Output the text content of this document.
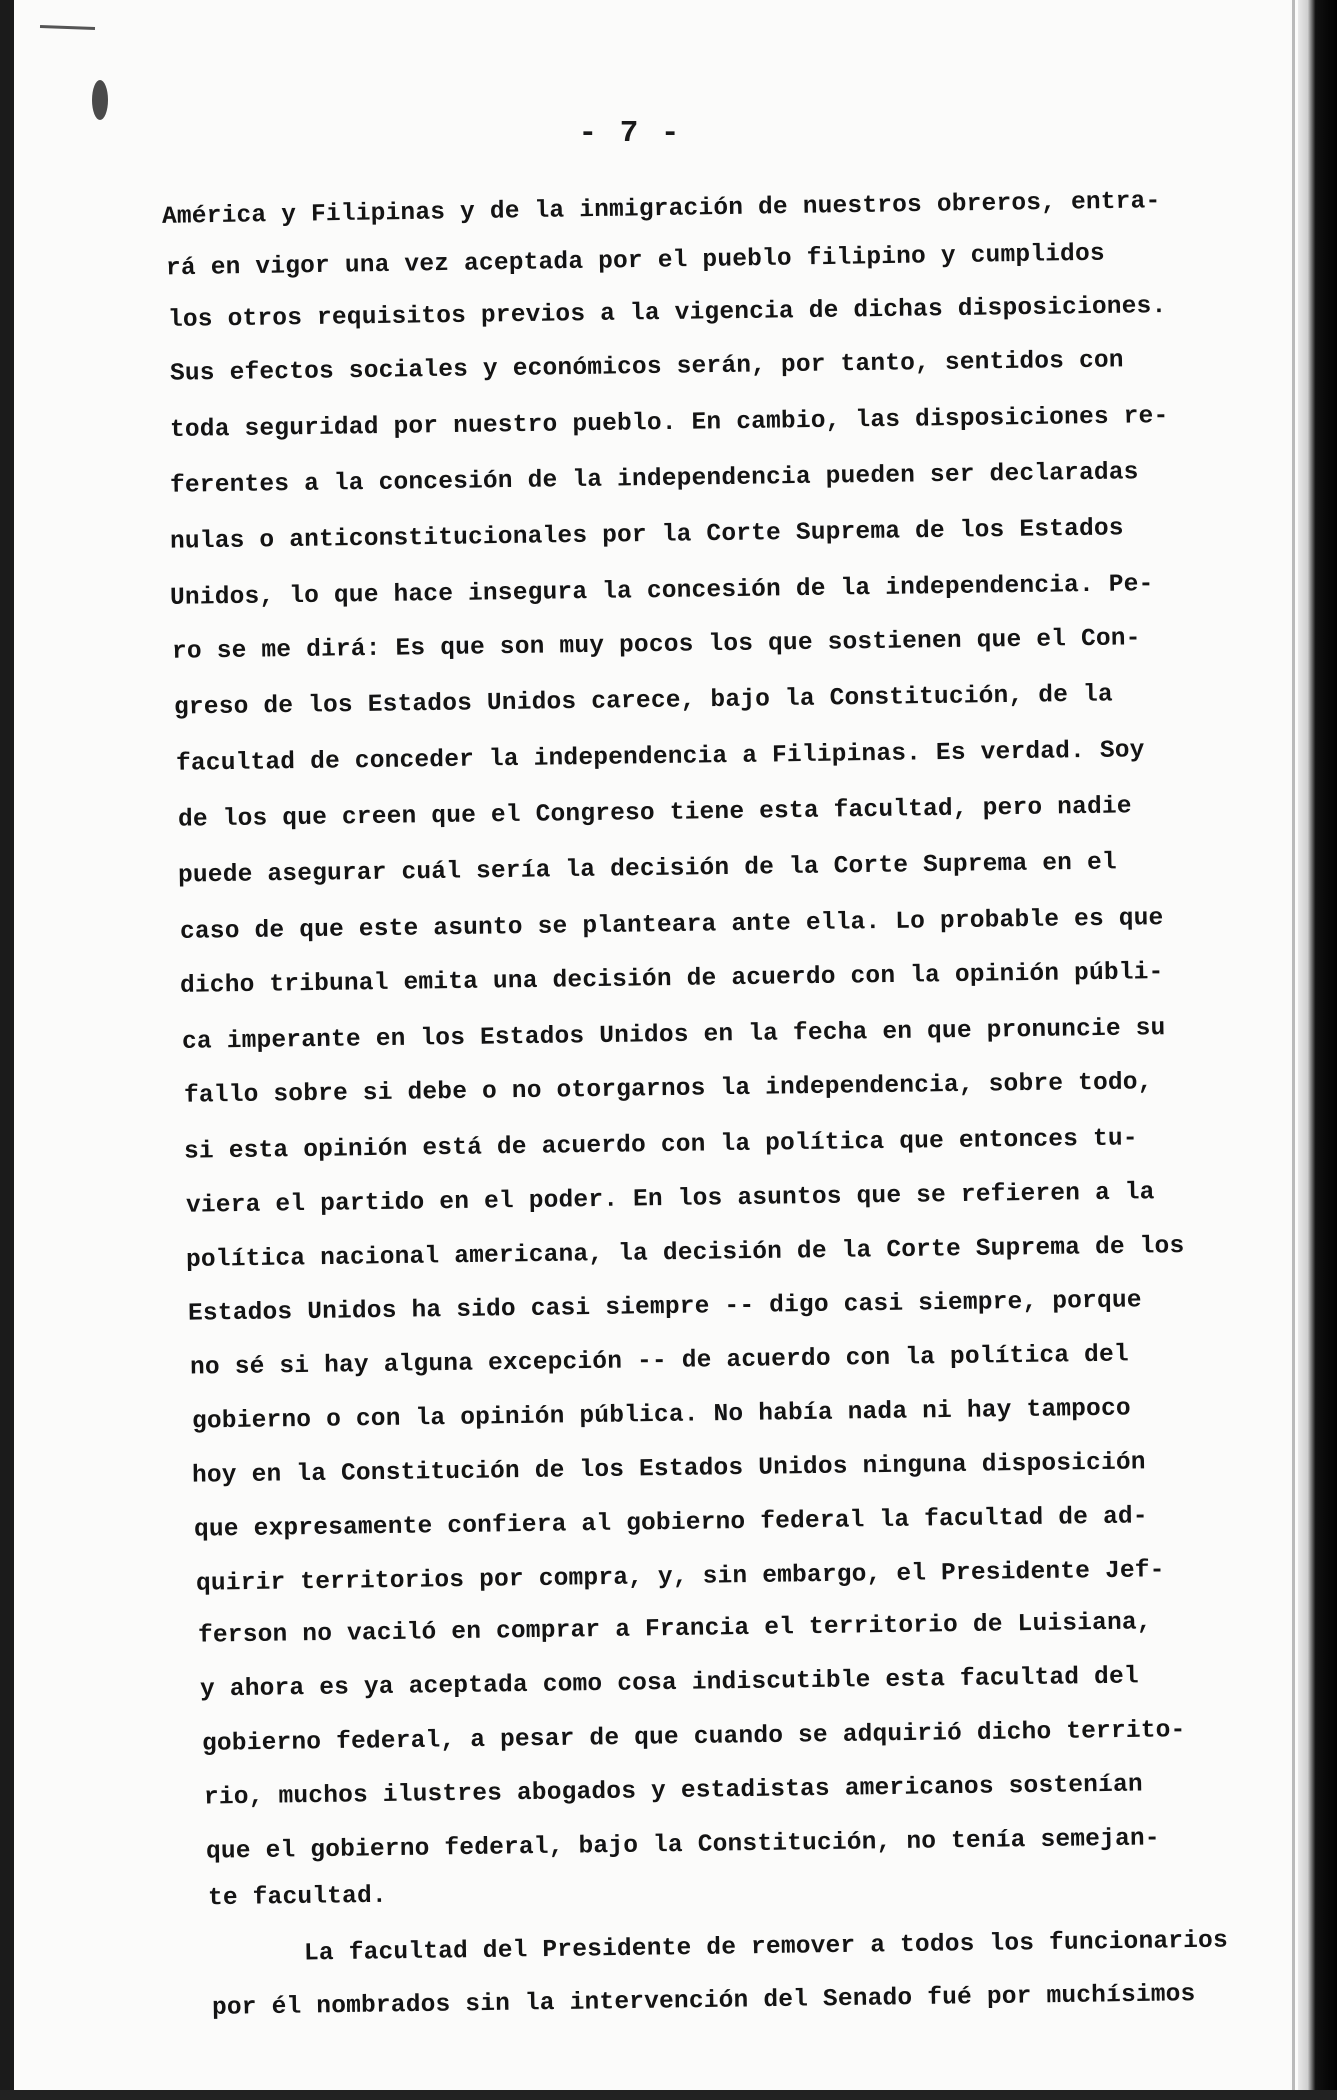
- 7 -
América y Filipinas y de la inmigración de nuestros obreros, entra-
rá en vigor una vez aceptada por el pueblo filipino y cumplidos
los otros requisitos previos a la vigencia de dichas disposiciones.
Sus efectos sociales y económicos serán, por tanto, sentidos con
toda seguridad por nuestro pueblo. En cambio, las disposiciones re-
ferentes a la concesión de la independencia pueden ser declaradas
nulas o anticonstitucionales por la Corte Suprema de los Estados
Unidos, lo que hace insegura la concesión de la independencia. Pe-
ro se me dirá: Es que son muy pocos los que sostienen que el Con-
greso de los Estados Unidos carece, bajo la Constitución, de la
facultad de conceder la independencia a Filipinas. Es verdad. Soy
de los que creen que el Congreso tiene esta facultad, pero nadie
puede asegurar cuál sería la decisión de la Corte Suprema en el
caso de que este asunto se planteara ante ella. Lo probable es que
dicho tribunal emita una decisión de acuerdo con la opinión públi-
ca imperante en los Estados Unidos en la fecha en que pronuncie su
fallo sobre si debe o no otorgarnos la independencia, sobre todo,
si esta opinión está de acuerdo con la política que entonces tu-
viera el partido en el poder. En los asuntos que se refieren a la
política nacional americana, la decisión de la Corte Suprema de los
Estados Unidos ha sido casi siempre -- digo casi siempre, porque
no sé si hay alguna excepción -- de acuerdo con la política del
gobierno o con la opinión pública. No había nada ni hay tampoco
hoy en la Constitución de los Estados Unidos ninguna disposición
que expresamente confiera al gobierno federal la facultad de ad-
quirir territorios por compra, y, sin embargo, el Presidente Jef-
ferson no vaciló en comprar a Francia el territorio de Luisiana,
y ahora es ya aceptada como cosa indiscutible esta facultad del
gobierno federal, a pesar de que cuando se adquirió dicho territo-
rio, muchos ilustres abogados y estadistas americanos sostenían
que el gobierno federal, bajo la Constitución, no tenía semejan-
te facultad.
La facultad del Presidente de remover a todos los funcionarios
por él nombrados sin la intervención del Senado fué por muchísimos
